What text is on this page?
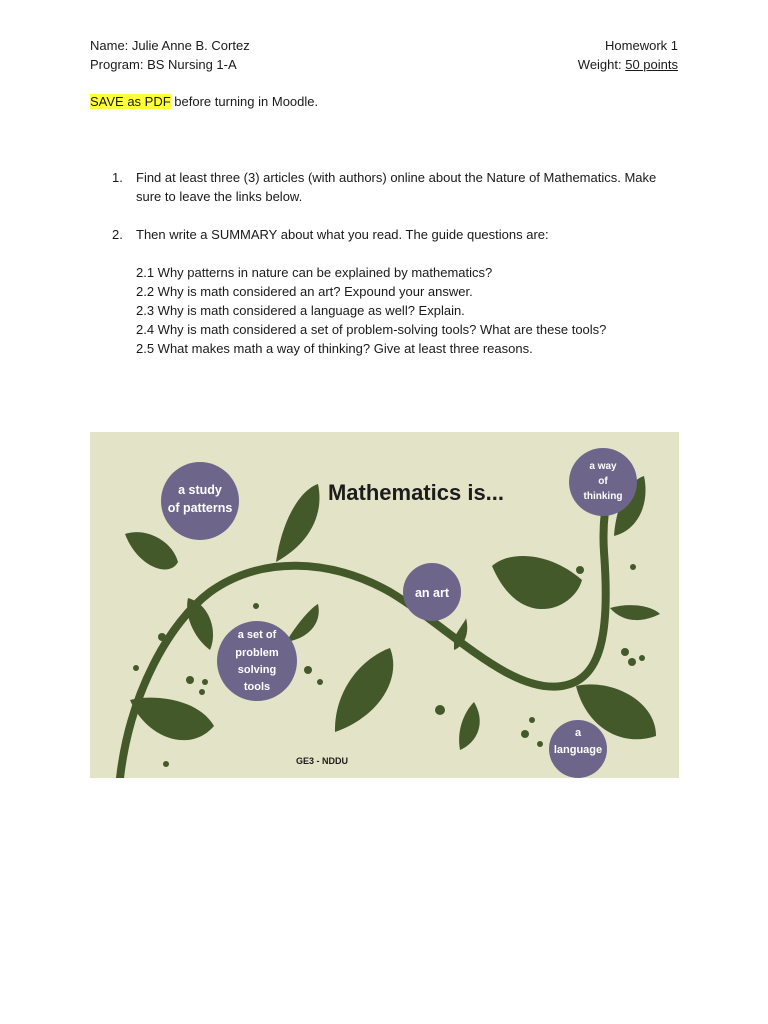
Name: Julie Anne B. Cortez
Program: BS Nursing 1-A
Homework 1
Weight: 50 points
SAVE as PDF before turning in Moodle.
1. Find at least three (3) articles (with authors) online about the Nature of Mathematics. Make sure to leave the links below.
2. Then write a SUMMARY about what you read. The guide questions are:
2.1 Why patterns in nature can be explained by mathematics?
2.2 Why is math considered an art? Expound your answer.
2.3 Why is math considered a language as well? Explain.
2.4 Why is math considered a set of problem-solving tools? What are these tools?
2.5 What makes math a way of thinking? Give at least three reasons.
Mathematics is...
a study
of patterns
a set of
problem
solving
tools
an art
a way
of
thinking
a
language
GE3 - NDDU
